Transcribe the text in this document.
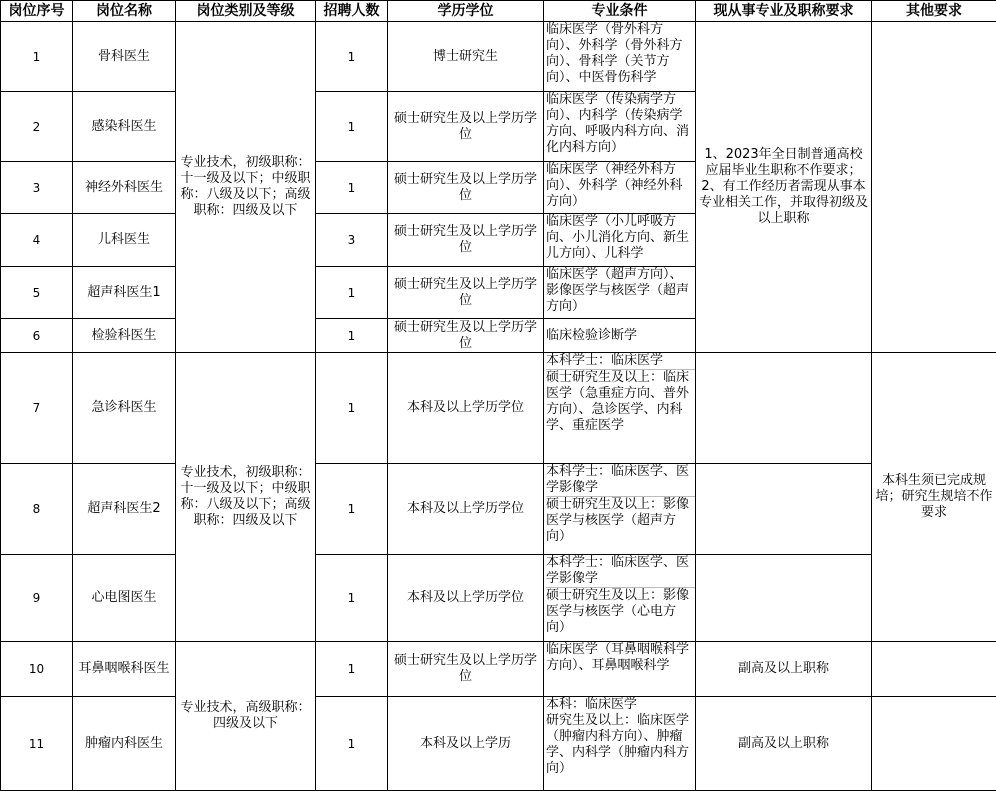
岗位序号	岗位名称	岗位类别及等级	招聘人数	学历学位	专业条件	现从事专业及职称要求	其他要求
1	骨科医生	专业技术，初级职称：十一级及以下；中级职称：八级及以下；高级职称：四级及以下	1	博士研究生	临床医学（骨外科方向）、外科学（骨外科方向）、骨科学（关节方向）、中医骨伤科学	1、2023年全日制普通高校应届毕业生职称不作要求；2、有工作经历者需现从事本专业相关工作，并取得初级及以上职称	
2	感染科医生		1	硕士研究生及以上学历学位	临床医学（传染病学方向）、内科学（传染病学方向、呼吸内科方向、消化内科方向）		

3	神经外科医生		1	硕士研究生及以上学历学位	临床医学（神经外科方向）、外科学（神经外科方向）		

4	儿科医生		3	硕士研究生及以上学历学位	临床医学（小儿呼吸方向、小儿消化方向、新生儿方向）、儿科学		

5	超声科医生1		1	硕士研究生及以上学历学位	临床医学（超声方向）、影像医学与核医学（超声方向）		

6	检验科医生		1	硕士研究生及以上学历学位	临床检验诊断学		

7	急诊科医生	专业技术，初级职称：十一级及以下；中级职称：八级及以下；高级职称：四级及以下	1	本科及以上学历学位	本科学士：临床医学
硕士研究生及以上：临床医学（急重症方向、普外方向）、急诊医学、内科学、重症医学		本科生须已完成规培；研究生规培不作要求
8	超声科医生2		1	本科及以上学历学位	本科学士：临床医学、医学影像学
硕士研究生及以上：影像医学与核医学（超声方向）		

9	心电图医生		1	本科及以上学历学位	本科学士：临床医学、医学影像学
硕士研究生及以上：影像医学与核医学（心电方向）		

10	耳鼻咽喉科医生	专业技术，高级职称：四级及以下	1	硕士研究生及以上学历学位	临床医学（耳鼻咽喉科学方向）、耳鼻咽喉科学	副高及以上职称	
11	肿瘤内科医生		1	本科及以上学历	本科：临床医学
研究生及以上：临床医学（肿瘤内科方向）、肿瘤学、内科学（肿瘤内科方向）	副高及以上职称	
